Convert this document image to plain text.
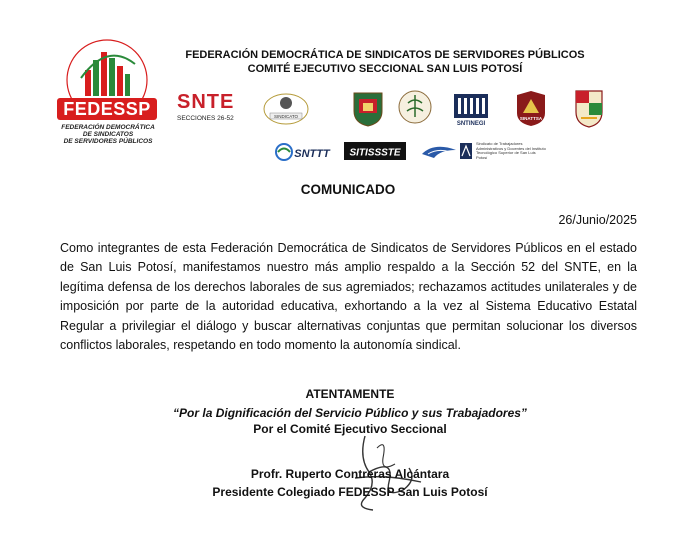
FEDESSP
FEDERACIÓN DEMOCRÁTICA
DE SINDICATOS
DE SERVIDORES PÚBLICOS
FEDERACIÓN DEMOCRÁTICA DE SINDICATOS DE SERVIDORES PÚBLICOS
COMITÉ EJECUTIVO SECCIONAL SAN LUIS POTOSÍ
SNTE
SECCIONES 26-52	SINDICATO
SNTINEGI
SINATTSA
SNTTT SITISSSTE
Sindicato de Trabajadores Administrativos y Docentes del Instituto Tecnológico Superior de San Luis Potosí
COMUNICADO
26/Junio/2025
Como integrantes de esta Federación Democrática de Sindicatos de Servidores Públicos en el estado de San Luis Potosí, manifestamos nuestro más amplio respaldo a la Sección 52 del SNTE, en la legítima defensa de los derechos laborales de sus agremiados; rechazamos actitudes unilaterales y de imposición por parte de la autoridad educativa, exhortando a la vez al Sistema Educativo Estatal Regular a privilegiar el diálogo y buscar alternativas conjuntas que permitan solucionar los diversos conflictos laborales, respetando en todo momento la autonomía sindical.
ATENTAMENTE
“Por la Dignificación del Servicio Público y sus Trabajadores”
Por el Comité Ejecutivo Seccional
Profr. Ruperto Contreras Alcántara
Presidente Colegiado FEDESSP San Luis Potosí
